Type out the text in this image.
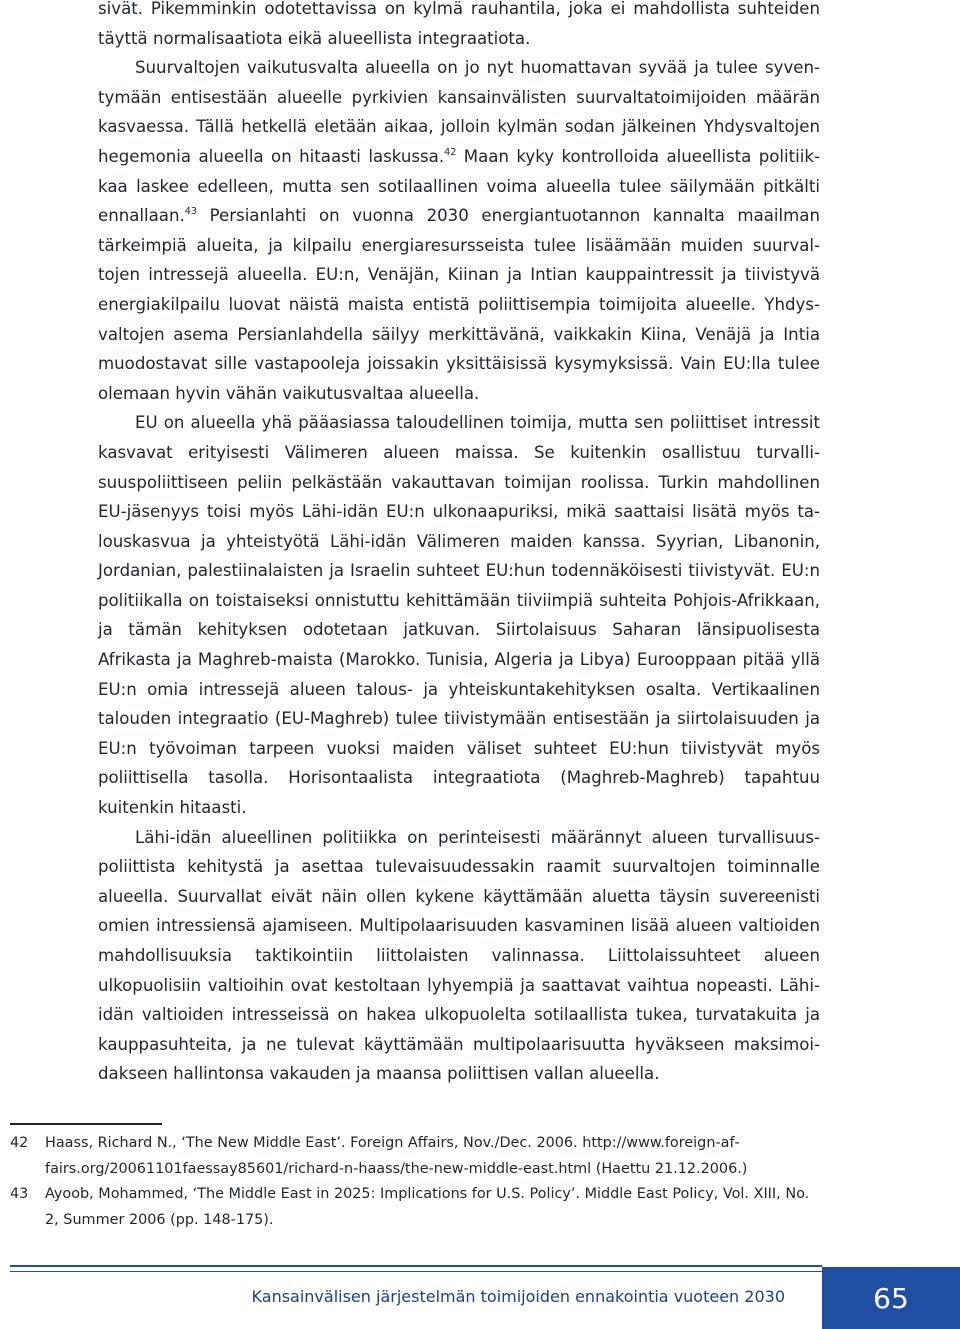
sivät. Pikemminkin odotettavissa on kylmä rauhantila, joka ei mahdollista suhteiden täyttä normalisaatiota eikä alueellista integraatiota.

Suurvaltojen vaikutusvalta alueella on jo nyt huomattavan syvää ja tulee syventymään entisestään alueelle pyrkivien kansainvälisten suurvaltatoimijoiden määrän kasvaessa. Tällä hetkellä eletään aikaa, jolloin kylmän sodan jälkeinen Yhdysvaltojen hegemonia alueella on hitaasti laskussa.$^{42}$ Maan kyky kontrolloida alueellista politiikkaa laskee edelleen, mutta sen sotilaallinen voima alueella tulee säilymään pitkälti ennallaan.$^{43}$ Persianlahti on vuonna 2030 energiantuotannon kannalta maailman tärkeimpiä alueita, ja kilpailu energiaresursseista tulee lisäämään muiden suurvaltojen intressejä alueella. EU:n, Venäjän, Kiinan ja Intian kauppaintressit ja tiivistyvä energiakilpailu luovat näistä maista entistä poliittisempia toimijoita alueelle. Yhdysvaltojen asema Persianlahdella säilyy merkittävänä, vaikkakin Kiina, Venäjä ja Intia muodostavat sille vastapooleja joissakin yksittäisissä kysymyksissä. Vain EU:lla tulee olemaan hyvin vähän vaikutusvaltaa alueella.

EU on alueella yhä pääasiassa taloudellinen toimija, mutta sen poliittiset intressit kasvavat erityisesti Välimeren alueen maissa. Se kuitenkin osallistuu turvallisuuspoliittiseen peliin pelkästään vakauttavan toimijan roolissa. Turkin mahdollinen EU-jäsenyys toisi myös Lähi-idän EU:n ulkonaapuriksi, mikä saattaisi lisätä myös talouskasvua ja yhteistyötä Lähi-idän Välimeren maiden kanssa. Syyrian, Libanonin, Jordanian, palestiinalaisten ja Israelin suhteet EU:hun todennäköisesti tiivistyvät. EU:n politiikalla on toistaiseksi onnistuttu kehittämään tiiviimpiä suhteita Pohjois-Afrikkaan, ja tämän kehityksen odotetaan jatkuvan. Siirtolaisuus Saharan länsipuolisesta Afrikasta ja Maghreb-maista (Marokko. Tunisia, Algeria ja Libya) Eurooppaan pitää yllä EU:n omia intressejä alueen talous- ja yhteiskuntakehityksen osalta. Vertikaalinen talouden integraatio (EU-Maghreb) tulee tiivistymään entisestään ja siirtolaisuuden ja EU:n työvoiman tarpeen vuoksi maiden väliset suhteet EU:hun tiivistyvät myös poliittisella tasolla. Horisontaalista integraatiota (Maghreb-Maghreb) tapahtuu kuitenkin hitaasti.

Lähi-idän alueellinen politiikka on perinteisesti määrännyt alueen turvallisuuspoliittista kehitystä ja asettaa tulevaisuudessakin raamit suurvaltojen toiminnalle alueella. Suurvallat eivät näin ollen kykene käyttämään aluetta täysin suvereenisti omien intressiensä ajamiseen. Multipolaarisuuden kasvaminen lisää alueen valtioiden mahdollisuuksia taktikointiin liittolaisten valinnassa. Liittolaissuhteet alueen ulkopuolisiin valtioihin ovat kestoltaan lyhyempiä ja saattavat vaihtua nopeasti. Lähiidän valtioiden intresseissä on hakea ulkopuolelta sotilaallista tukea, turvatakuita ja kauppasuhteita, ja ne tulevat käyttämään multipolaarisuutta hyväkseen maksimoidakseen hallintonsa vakauden ja maansa poliittisen vallan alueella.

42	Haass, Richard N., ‘The New Middle East’. Foreign Affairs, Nov./Dec. 2006. http://www.foreign-affairs.org/20061101faessay85601/richard-n-haass/the-new-middle-east.html (Haettu 21.12.2006.)
43	Ayoob, Mohammed, ‘The Middle East in 2025: Implications for U.S. Policy’. Middle East Policy, Vol. XIII, No. 2, Summer 2006 (pp. 148-175).
Kansainvälisen järjestelmän toimijoiden ennakointia vuoteen 2030	65
